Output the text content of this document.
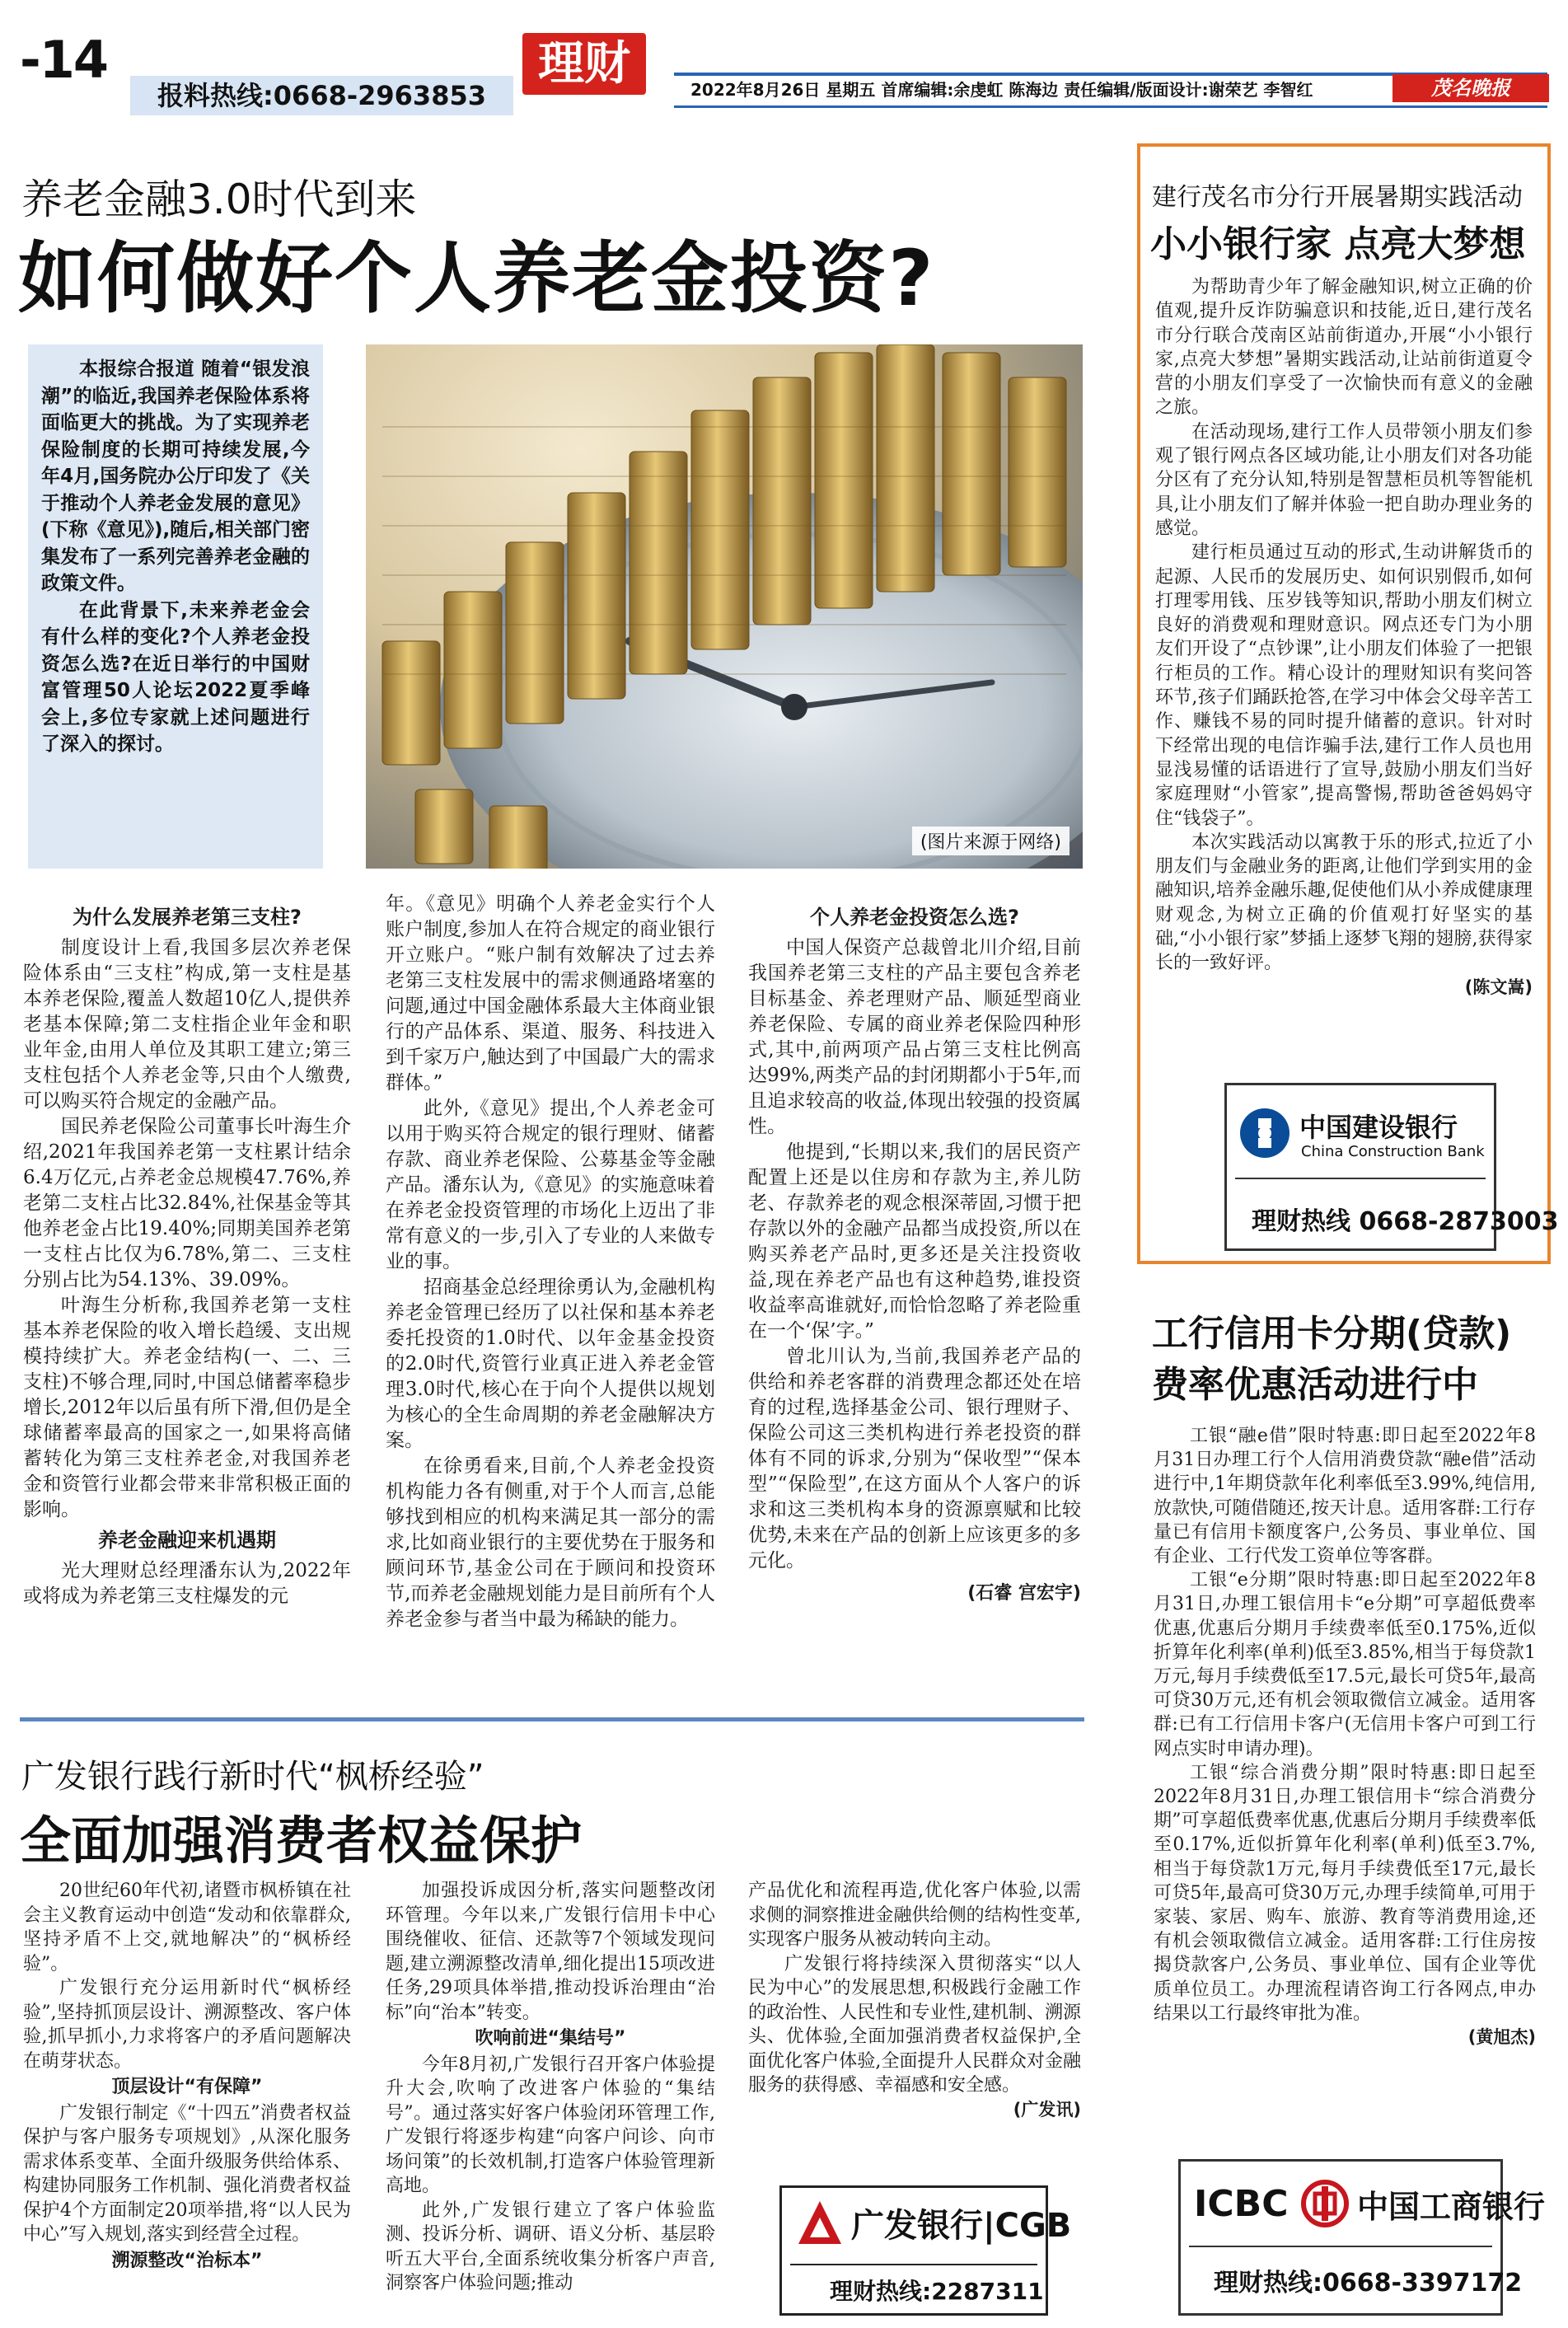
-14
报料热线:0668-2963853
理财	2022年8月26日 星期五 首席编辑:余虔虹 陈海边 责任编辑/版面设计:谢荣艺 李智红	茂名晚报
养老金融3.0时代到来
如何做好个人养老金投资?

本报综合报道 随着“银发浪潮”的临近,我国养老保险体系将面临更大的挑战。为了实现养老保险制度的长期可持续发展,今年4月,国务院办公厅印发了《关于推动个人养老金发展的意见》(下称《意见》),随后,相关部门密集发布了一系列完善养老金融的政策文件。

在此背景下,未来养老金会有什么样的变化?个人养老金投资怎么选?在近日举行的中国财富管理50人论坛2022夏季峰会上,多位专家就上述问题进行了深入的探讨。

(图片来源于网络)
为什么发展养老第三支柱?

制度设计上看,我国多层次养老保险体系由“三支柱”构成,第一支柱是基本养老保险,覆盖人数超10亿人,提供养老基本保障;第二支柱指企业年金和职业年金,由用人单位及其职工建立;第三支柱包括个人养老金等,只由个人缴费,可以购买符合规定的金融产品。

国民养老保险公司董事长叶海生介绍,2021年我国养老第一支柱累计结余6.4万亿元,占养老金总规模47.76%,养老第二支柱占比32.84%,社保基金等其他养老金占比19.40%;同期美国养老第一支柱占比仅为6.78%,第二、三支柱分别占比为54.13%、39.09%。

叶海生分析称,我国养老第一支柱基本养老保险的收入增长趋缓、支出规模持续扩大。养老金结构(一、二、三支柱)不够合理,同时,中国总储蓄率稳步增长,2012年以后虽有所下滑,但仍是全球储蓄率最高的国家之一,如果将高储蓄转化为第三支柱养老金,对我国养老金和资管行业都会带来非常积极正面的影响。

养老金融迎来机遇期

光大理财总经理潘东认为,2022年或将成为养老第三支柱爆发的元

年。《意见》明确个人养老金实行个人账户制度,参加人在符合规定的商业银行开立账户。“账户制有效解决了过去养老第三支柱发展中的需求侧通路堵塞的问题,通过中国金融体系最大主体商业银行的产品体系、渠道、服务、科技进入到千家万户,触达到了中国最广大的需求群体。”

此外,《意见》提出,个人养老金可以用于购买符合规定的银行理财、储蓄存款、商业养老保险、公募基金等金融产品。潘东认为,《意见》的实施意味着在养老金投资管理的市场化上迈出了非常有意义的一步,引入了专业的人来做专业的事。

招商基金总经理徐勇认为,金融机构养老金管理已经历了以社保和基本养老委托投资的1.0时代、以年金基金投资的2.0时代,资管行业真正进入养老金管理3.0时代,核心在于向个人提供以规划为核心的全生命周期的养老金融解决方案。

在徐勇看来,目前,个人养老金投资机构能力各有侧重,对于个人而言,总能够找到相应的机构来满足其一部分的需求,比如商业银行的主要优势在于服务和顾问环节,基金公司在于顾问和投资环节,而养老金融规划能力是目前所有个人养老金参与者当中最为稀缺的能力。

个人养老金投资怎么选?

中国人保资产总裁曾北川介绍,目前我国养老第三支柱的产品主要包含养老目标基金、养老理财产品、顺延型商业养老保险、专属的商业养老保险四种形式,其中,前两项产品占第三支柱比例高达99%,两类产品的封闭期都小于5年,而且追求较高的收益,体现出较强的投资属性。

他提到,“长期以来,我们的居民资产配置上还是以住房和存款为主,养儿防老、存款养老的观念根深蒂固,习惯于把存款以外的金融产品都当成投资,所以在购买养老产品时,更多还是关注投资收益,现在养老产品也有这种趋势,谁投资收益率高谁就好,而恰恰忽略了养老险重在一个‘保’字。”

曾北川认为,当前,我国养老产品的供给和养老客群的消费理念都还处在培育的过程,选择基金公司、银行理财子、保险公司这三类机构进行养老投资的群体有不同的诉求,分别为“保收型”“保本型”“保险型”,在这方面从个人客户的诉求和这三类机构本身的资源禀赋和比较优势,未来在产品的创新上应该更多的多元化。

(石睿 宫宏宇)
广发银行践行新时代“枫桥经验”
全面加强消费者权益保护

20世纪60年代初,诸暨市枫桥镇在社会主义教育运动中创造“发动和依靠群众,坚持矛盾不上交,就地解决”的“枫桥经验”。

广发银行充分运用新时代“枫桥经验”,坚持抓顶层设计、溯源整改、客户体验,抓早抓小,力求将客户的矛盾问题解决在萌芽状态。

顶层设计“有保障”

广发银行制定《“十四五”消费者权益保护与客户服务专项规划》,从深化服务需求体系变革、全面升级服务供给体系、构建协同服务工作机制、强化消费者权益保护4个方面制定20项举措,将“以人民为中心”写入规划,落实到经营全过程。

溯源整改“治标本”

加强投诉成因分析,落实问题整改闭环管理。今年以来,广发银行信用卡中心围绕催收、征信、还款等7个领域发现问题,建立溯源整改清单,细化提出15项改进任务,29项具体举措,推动投诉治理由“治标”向“治本”转变。

吹响前进“集结号”

今年8月初,广发银行召开客户体验提升大会,吹响了改进客户体验的“集结号”。通过落实好客户体验闭环管理工作,广发银行将逐步构建“向客户问诊、向市场问策”的长效机制,打造客户体验管理新高地。

此外,广发银行建立了客户体验监测、投诉分析、调研、语义分析、基层聆听五大平台,全面系统收集分析客户声音,洞察客户体验问题;推动

产品优化和流程再造,优化客户体验,以需求侧的洞察推进金融供给侧的结构性变革,实现客户服务从被动转向主动。

广发银行将持续深入贯彻落实“以人民为中心”的发展思想,积极践行金融工作的政治性、人民性和专业性,建机制、溯源头、优体验,全面加强消费者权益保护,全面优化客户体验,全面提升人民群众对金融服务的获得感、幸福感和安全感。

(广发讯)
广发银行|CGB
理财热线:2287311
建行茂名市分行开展暑期实践活动
小小银行家 点亮大梦想

为帮助青少年了解金融知识,树立正确的价值观,提升反诈防骗意识和技能,近日,建行茂名市分行联合茂南区站前街道办,开展“小小银行家,点亮大梦想”暑期实践活动,让站前街道夏令营的小朋友们享受了一次愉快而有意义的金融之旅。

在活动现场,建行工作人员带领小朋友们参观了银行网点各区域功能,让小朋友们对各功能分区有了充分认知,特别是智慧柜员机等智能机具,让小朋友们了解并体验一把自助办理业务的感觉。

建行柜员通过互动的形式,生动讲解货币的起源、人民币的发展历史、如何识别假币,如何打理零用钱、压岁钱等知识,帮助小朋友们树立良好的消费观和理财意识。网点还专门为小朋友们开设了“点钞课”,让小朋友们体验了一把银行柜员的工作。精心设计的理财知识有奖问答环节,孩子们踊跃抢答,在学习中体会父母辛苦工作、赚钱不易的同时提升储蓄的意识。针对时下经常出现的电信诈骗手法,建行工作人员也用显浅易懂的话语进行了宣导,鼓励小朋友们当好家庭理财“小管家”,提高警惕,帮助爸爸妈妈守住“钱袋子”。

本次实践活动以寓教于乐的形式,拉近了小朋友们与金融业务的距离,让他们学到实用的金融知识,培养金融乐趣,促使他们从小养成健康理财观念,为树立正确的价值观打好坚实的基础,“小小银行家”梦插上逐梦飞翔的翅膀,获得家长的一致好评。

(陈文嵩)
中国建设银行
China Construction Bank
理财热线 0668-2873003
工行信用卡分期(贷款)
费率优惠活动进行中

工银“融e借”限时特惠:即日起至2022年8月31日办理工行个人信用消费贷款“融e借”活动进行中,1年期贷款年化利率低至3.99%,纯信用,放款快,可随借随还,按天计息。适用客群:工行存量已有信用卡额度客户,公务员、事业单位、国有企业、工行代发工资单位等客群。

工银“e分期”限时特惠:即日起至2022年8月31日,办理工银信用卡“e分期”可享超低费率优惠,优惠后分期月手续费率低至0.175%,近似折算年化利率(单利)低至3.85%,相当于每贷款1万元,每月手续费低至17.5元,最长可贷5年,最高可贷30万元,还有机会领取微信立减金。适用客群:已有工行信用卡客户(无信用卡客户可到工行网点实时申请办理)。

工银“综合消费分期”限时特惠:即日起至2022年8月31日,办理工银信用卡“综合消费分期”可享超低费率优惠,优惠后分期月手续费率低至0.17%,近似折算年化利率(单利)低至3.7%,相当于每贷款1万元,每月手续费低至17元,最长可贷5年,最高可贷30万元,办理手续简单,可用于家装、家居、购车、旅游、教育等消费用途,还有机会领取微信立减金。适用客群:工行住房按揭贷款客户,公务员、事业单位、国有企业等优质单位员工。办理流程请咨询工行各网点,申办结果以工行最终审批为准。

(黄旭杰)
ICBC 中国工商银行
理财热线:0668-3397172
